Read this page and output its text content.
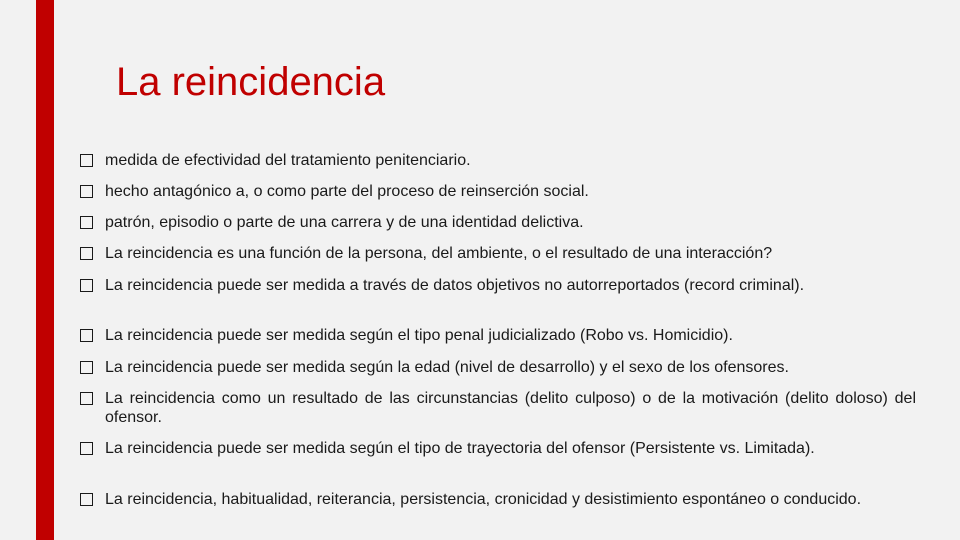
La reincidencia
medida de efectividad del tratamiento penitenciario.
hecho antagónico a, o como parte del proceso de reinserción social.
patrón, episodio o parte de una carrera y de una identidad delictiva.
La reincidencia es una función de la persona, del ambiente, o el resultado de una interacción?
La reincidencia puede ser medida a través de datos objetivos no autorreportados (record criminal).
La reincidencia puede ser medida según el tipo penal judicializado (Robo vs. Homicidio).
La reincidencia puede ser medida según la edad (nivel de desarrollo) y el sexo de los ofensores.
La reincidencia como un resultado de las circunstancias (delito culposo) o de la motivación (delito doloso) del ofensor.
La reincidencia puede ser medida según el tipo de trayectoria del ofensor (Persistente vs. Limitada).
La reincidencia, habitualidad, reiterancia, persistencia, cronicidad y desistimiento espontáneo o conducido.
